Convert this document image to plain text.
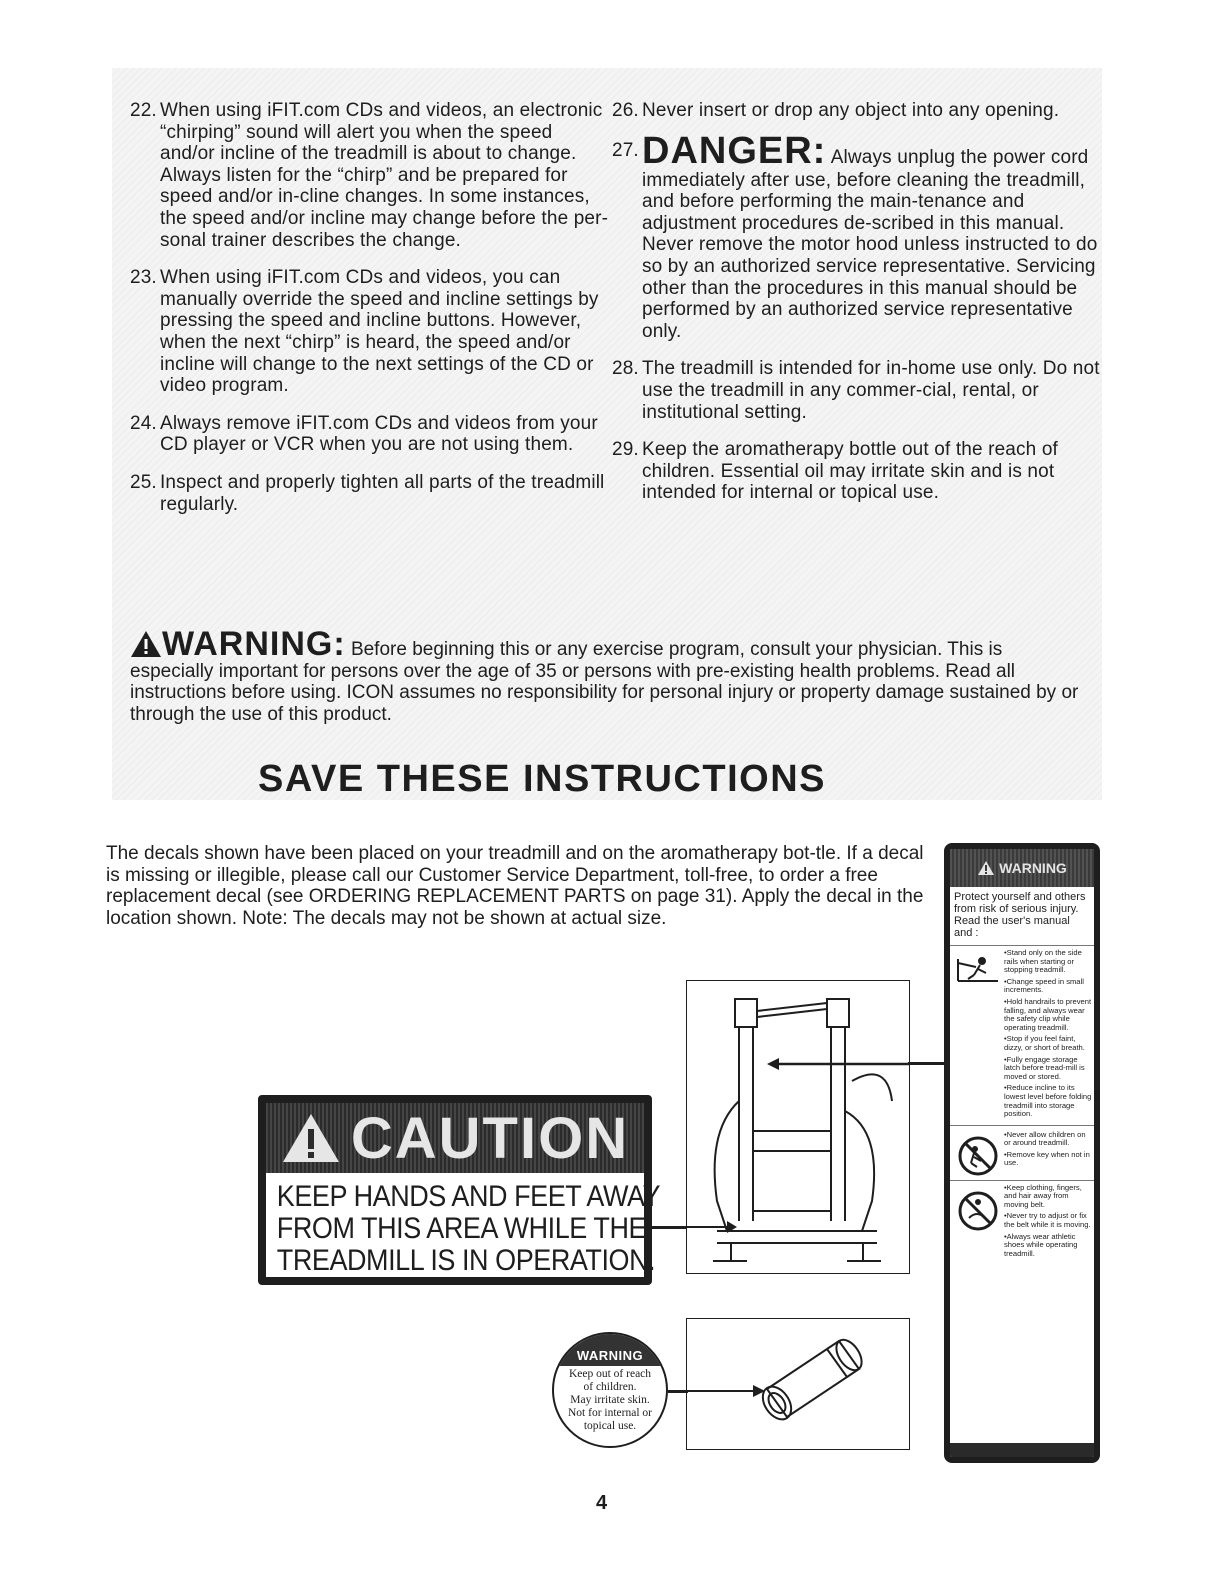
22. When using iFIT.com CDs and videos, an electronic “chirping” sound will alert you when the speed and/or incline of the treadmill is about to change. Always listen for the “chirp” and be prepared for speed and/or in-cline changes. In some instances, the speed and/or incline may change before the per-sonal trainer describes the change.
23. When using iFIT.com CDs and videos, you can manually override the speed and incline settings by pressing the speed and incline buttons. However, when the next “chirp” is heard, the speed and/or incline will change to the next settings of the CD or video program.
24. Always remove iFIT.com CDs and videos from your CD player or VCR when you are not using them.
25. Inspect and properly tighten all parts of the treadmill regularly.
26. Never insert or drop any object into any opening.
27. DANGER: Always unplug the power cord immediately after use, before cleaning the treadmill, and before performing the main-tenance and adjustment procedures de-scribed in this manual. Never remove the motor hood unless instructed to do so by an authorized service representative. Servicing other than the procedures in this manual should be performed by an authorized service representative only.
28. The treadmill is intended for in-home use only. Do not use the treadmill in any commer-cial, rental, or institutional setting.
29. Keep the aromatherapy bottle out of the reach of children. Essential oil may irritate skin and is not intended for internal or topical use.
WARNING: Before beginning this or any exercise program, consult your physician. This is especially important for persons over the age of 35 or persons with pre-existing health problems. Read all instructions before using. ICON assumes no responsibility for personal injury or property damage sustained by or through the use of this product.
SAVE THESE INSTRUCTIONS
The decals shown have been placed on your treadmill and on the aromatherapy bot-tle. If a decal is missing or illegible, please call our Customer Service Department, toll-free, to order a free replacement decal (see ORDERING REPLACEMENT PARTS on page 31). Apply the decal in the location shown. Note: The decals may not be shown at actual size.
CAUTION
KEEP HANDS AND FEET AWAY
FROM THIS AREA WHILE THE
TREADMILL IS IN OPERATION.
WARNING
Keep out of reach
of children.
May irritate skin.
Not for internal or
topical use.
WARNING
Protect yourself and others from risk of serious injury. Read the user's manual and :
•Stand only on the side rails when starting or stopping treadmill.
•Change speed in small increments.
•Hold handrails to prevent falling, and always wear the safety clip while operating treadmill.
•Stop if you feel faint, dizzy, or short of breath.
•Fully engage storage latch before tread-mill is moved or stored.
•Reduce incline to its lowest level before folding treadmill into storage position.
•Never allow children on or around treadmill.
•Remove key when not in use.
•Keep clothing, fingers, and hair away from moving belt.
•Never try to adjust or fix the belt while it is moving.
•Always wear athletic shoes while operating treadmill.
4
